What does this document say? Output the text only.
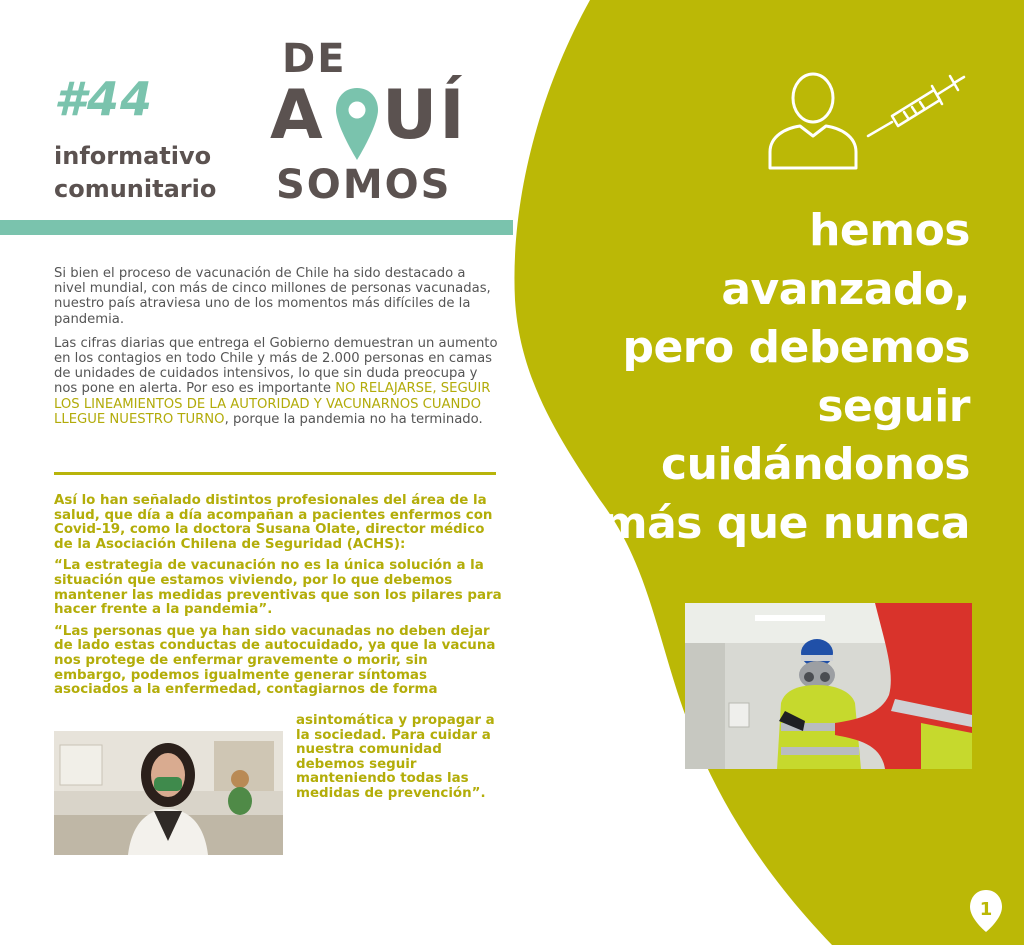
#44
informativo
comunitario
DE
A UÍ
SOMOS

Si bien el proceso de vacunación de Chile ha sido destacado a nivel mundial, con más de cinco millones de personas vacunadas, nuestro país atraviesa uno de los momentos más difíciles de la pandemia.

Las cifras diarias que entrega el Gobierno demuestran un aumento en los contagios en todo Chile y más de 2.000 personas en camas de unidades de cuidados intensivos, lo que sin duda preocupa y nos pone en alerta. Por eso es importante NO RELAJARSE, SEGUIR LOS LINEAMIENTOS DE LA AUTORIDAD Y VACUNARNOS CUANDO LLEGUE NUESTRO TURNO, porque la pandemia no ha terminado.

Así lo han señalado distintos profesionales del área de la salud, que día a día acompañan a pacientes enfermos con Covid-19, como la doctora Susana Olate, director médico de la Asociación Chilena de Seguridad (ACHS):

“La estrategia de vacunación no es la única solución a la situación que estamos viviendo, por lo que debemos mantener las medidas preventivas que son los pilares para hacer frente a la pandemia”.

“Las personas que ya han sido vacunadas no deben dejar de lado estas conductas de autocuidado, ya que la vacuna nos protege de enfermar gravemente o morir, sin embargo, podemos igualmente generar síntomas asociados a la enfermedad, contagiarnos de forma

asintomática y propagar a la sociedad. Para cuidar a nuestra comunidad debemos seguir manteniendo todas las medidas de prevención”.
hemos
avanzado,
pero debemos
seguir
cuidándonos
más que nunca
1
